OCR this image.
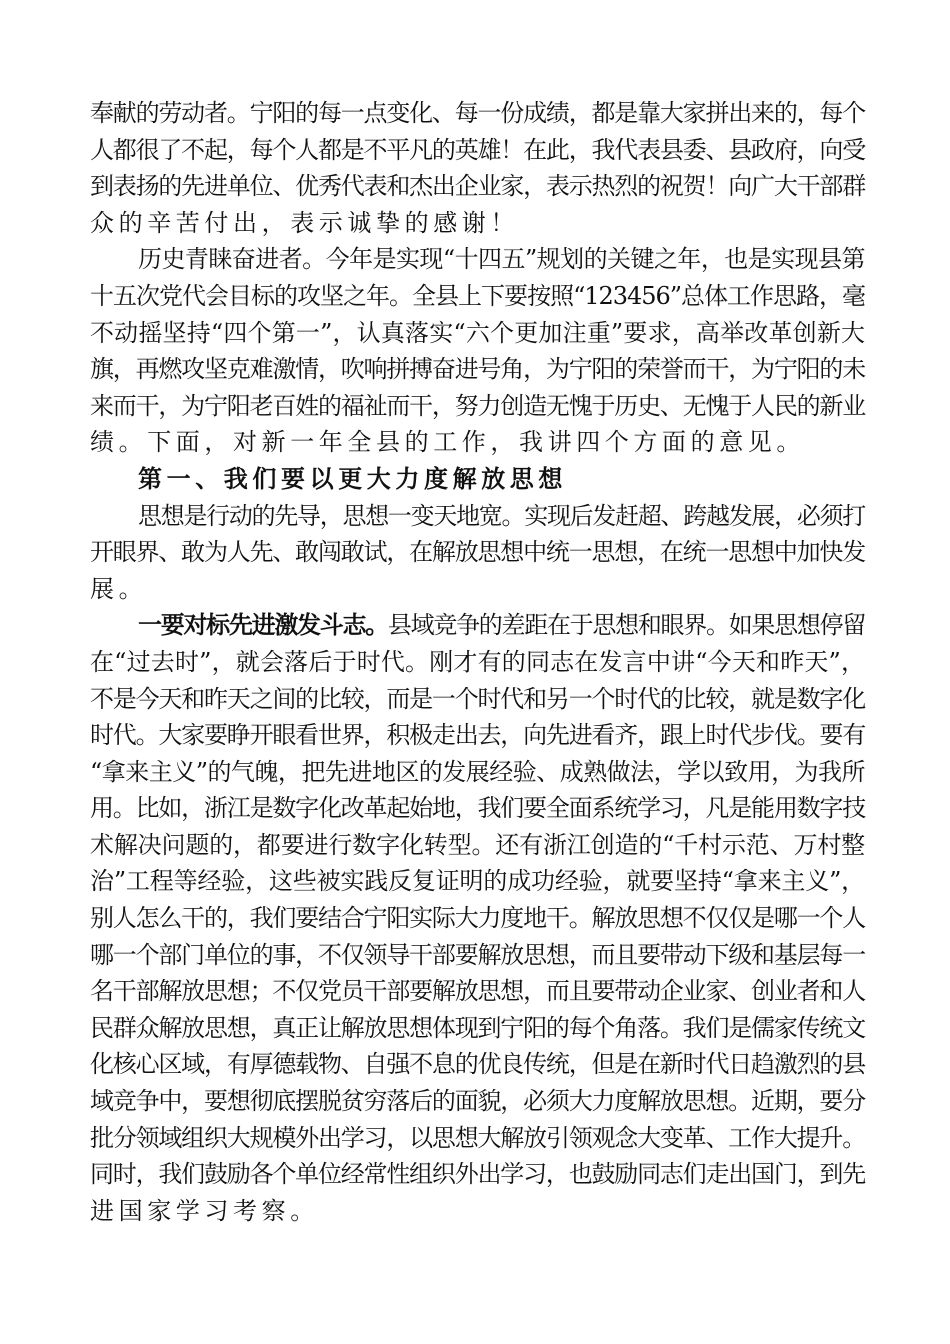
奉献的劳动者。宁阳的每一点变化、每一份成绩，都是靠大家拼出来的，每个
人都很了不起，每个人都是不平凡的英雄！在此，我代表县委、县政府，向受
到表扬的先进单位、优秀代表和杰出企业家，表示热烈的祝贺！向广大干部群
众的辛苦付出，表示诚挚的感谢！
历史青睐奋进者。今年是实现“十四五”规划的关键之年，也是实现县第
十五次党代会目标的攻坚之年。全县上下要按照“123456”总体工作思路，毫
不动摇坚持“四个第一”，认真落实“六个更加注重”要求，高举改革创新大
旗，再燃攻坚克难激情，吹响拼搏奋进号角，为宁阳的荣誉而干，为宁阳的未
来而干，为宁阳老百姓的福祉而干，努力创造无愧于历史、无愧于人民的新业
绩。下面，对新一年全县的工作，我讲四个方面的意见。
第一、我们要以更大力度解放思想
思想是行动的先导，思想一变天地宽。实现后发赶超、跨越发展，必须打
开眼界、敢为人先、敢闯敢试，在解放思想中统一思想，在统一思想中加快发
展。
一要对标先进激发斗志。县域竞争的差距在于思想和眼界。如果思想停留
在“过去时”，就会落后于时代。刚才有的同志在发言中讲“今天和昨天”，
不是今天和昨天之间的比较，而是一个时代和另一个时代的比较，就是数字化
时代。大家要睁开眼看世界，积极走出去，向先进看齐，跟上时代步伐。要有
“拿来主义”的气魄，把先进地区的发展经验、成熟做法，学以致用，为我所
用。比如，浙江是数字化改革起始地，我们要全面系统学习，凡是能用数字技
术解决问题的，都要进行数字化转型。还有浙江创造的“千村示范、万村整
治”工程等经验，这些被实践反复证明的成功经验，就要坚持“拿来主义”，
别人怎么干的，我们要结合宁阳实际大力度地干。解放思想不仅仅是哪一个人
哪一个部门单位的事，不仅领导干部要解放思想，而且要带动下级和基层每一
名干部解放思想；不仅党员干部要解放思想，而且要带动企业家、创业者和人
民群众解放思想，真正让解放思想体现到宁阳的每个角落。我们是儒家传统文
化核心区域，有厚德载物、自强不息的优良传统，但是在新时代日趋激烈的县
域竞争中，要想彻底摆脱贫穷落后的面貌，必须大力度解放思想。近期，要分
批分领域组织大规模外出学习，以思想大解放引领观念大变革、工作大提升。
同时，我们鼓励各个单位经常性组织外出学习，也鼓励同志们走出国门，到先
进国家学习考察。
